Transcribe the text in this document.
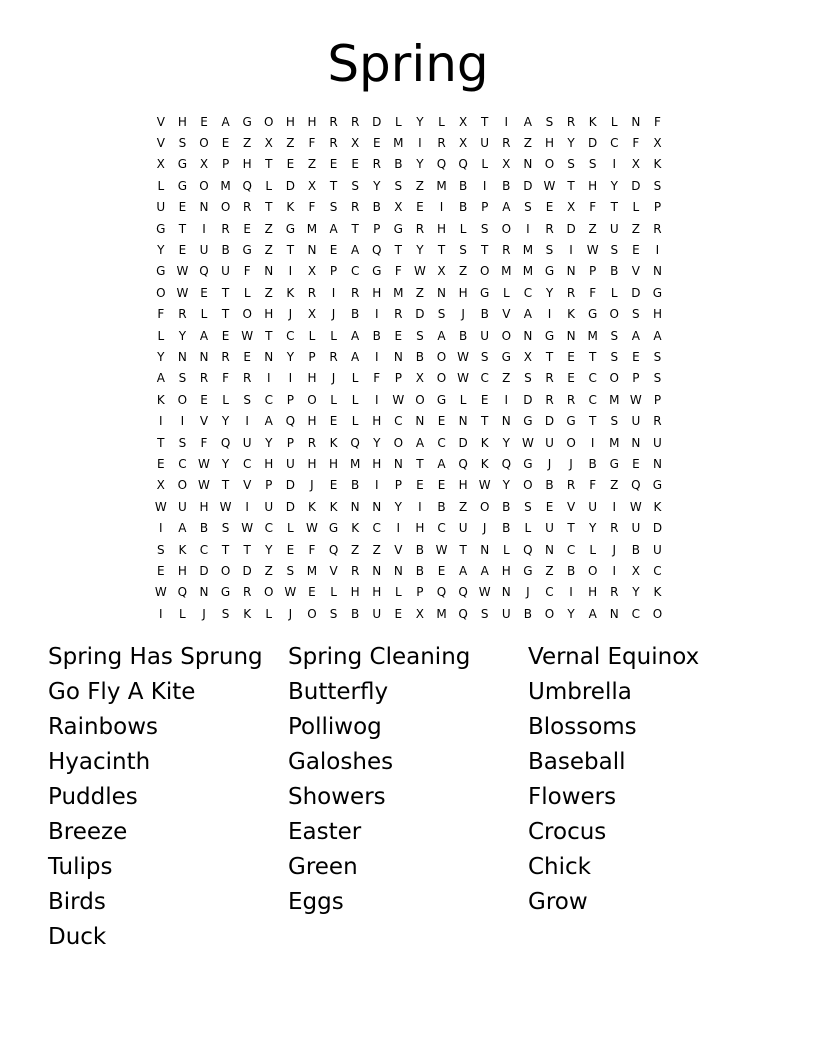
Spring
V	H	E	A	G	O	H	H	R	R	D	L	Y	L	X	T	I	A	S	R	K	L	N	F
V	S	O	E	Z	X	Z	F	R	X	E	M	I	R	X	U	R	Z	H	Y	D	C	F	X
X	G	X	P	H	T	E	Z	E	E	R	B	Y	Q	Q	L	X	N	O	S	S	I	X	K
L	G	O M Q	L	D	X	T	S	Y	S	Z	M	B	I	B	D W T	H	Y	D	S
U	E	N	O	R	T	K	F	S	R	B	X	E	I	B	P	A	S	E	X	F	T	L	P
G	T	I	R	E	Z	G M	A	T	P	G	R	H	L	S	O	I	R	D	Z	U	Z	R
Y	E	U	B	G	Z	T	N	E	A	Q	T	Y	T	S	T	R	M	S	I	W S	E	I
G W Q	U	F	N	I	X	P	C	G	F	W X	Z	O M M G	N	P	B	V	N
O W E	T	L	Z	K	R	I	R	H M	Z	N	H	G	L	C	Y	R	F	L	D	G
F	R	L	T	O	H	J	X	J	B	I	R	D	S	J	B	V	A	I	K	G	O	S	H
L	Y	A	E W T	C	L	L	A	B	E	S	A	B	U	O	N	G	N M	S	A	A
Y	N	N	R	E	N	Y	P	R	A	I	N	B	O W S	G	X	T	E	T	S	E	S
A	S	R	F	R	I	I	H	J	L	F	P	X	O W C	Z	S	R	E	C	O	P	S
K	O	E	L	S	C	P	O	L	L	I	W O	G	L	E	I	D	R	R	C	M W	P
I	I	V	Y	I	A	Q	H	E	L	H	C	N	E	N	T	N	G	D	G	T	S	U	R
T	S	F	Q	U	Y	P	R	K	Q	Y	O	A	C	D	K	Y W U	O	I	M N	U
E	C W Y	C	H	U	H	H M H	N	T	A	Q	K	Q	G	J	J	B	G	E	N
X	O W T	V	P	D	J	E	B	I	P	E	E	H W Y	O	B	R	F	Z	Q	G
W U	H W	I	U	D	K	K	N	N	Y	I	B	Z	O	B	S	E	V	U	I	W K
I	A	B	S W C	L	W G	K	C	I	H	C	U	J	B	L	U	T	Y	R	U	D
S	K	C	T	T	Y	E	F	Q	Z	Z	V	B W T	N	L	Q	N	C	L	J	B	U
E	H	D	O	D	Z	S	M	V	R	N	N	B	E	A	A	H	G	Z	B	O	I	X	C
W Q	N	G	R	O W E	L	H	H	L	P	Q	Q W N	J	C	I	H	R	Y	K
I	L	J	S	K	L	J	O	S	B	U	E	X	M Q	S	U	B	O	Y	A	N	C	O
Spring Has Sprung	Spring Cleaning	Vernal Equinox
Go Fly A Kite	Butterfly	Umbrella
Rainbows	Polliwog	Blossoms
Hyacinth	Galoshes	Baseball
Puddles	Showers	Flowers
Breeze	Easter	Crocus
Tulips	Green	Chick
Birds	Eggs	Grow
Duck
